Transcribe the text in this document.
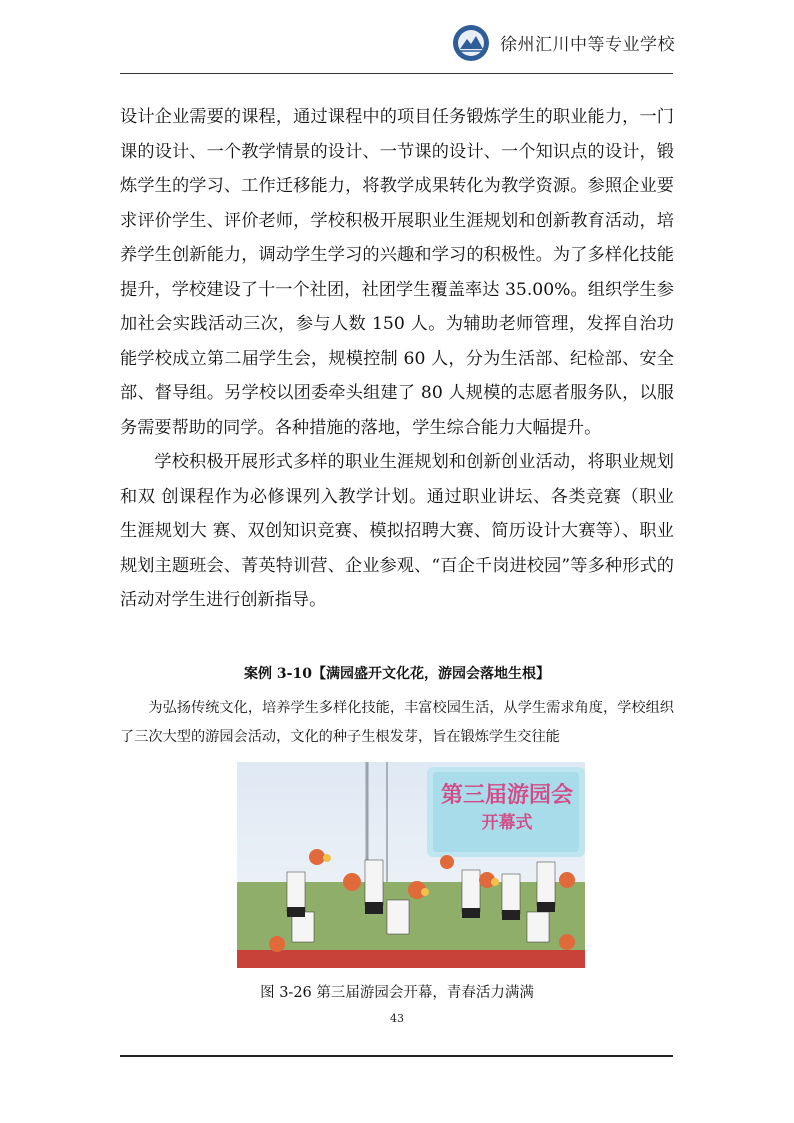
徐州汇川中等专业学校

设计企业需要的课程，通过课程中的项目任务锻炼学生的职业能力，一门课的设计、一个教学情景的设计、一节课的设计、一个知识点的设计，锻炼学生的学习、工作迁移能力，将教学成果转化为教学资源。参照企业要求评价学生、评价老师，学校积极开展职业生涯规划和创新教育活动，培养学生创新能力，调动学生学习的兴趣和学习的积极性。为了多样化技能提升，学校建设了十一个社团，社团学生覆盖率达 35.00%。组织学生参加社会实践活动三次，参与人数 150 人。为辅助老师管理，发挥自治功能学校成立第二届学生会，规模控制 60 人，分为生活部、纪检部、安全部、督导组。另学校以团委牵头组建了 80 人规模的志愿者服务队，以服务需要帮助的同学。各种措施的落地，学生综合能力大幅提升。

学校积极开展形式多样的职业生涯规划和创新创业活动，将职业规划和双 创课程作为必修课列入教学计划。通过职业讲坛、各类竞赛（职业生涯规划大 赛、双创知识竞赛、模拟招聘大赛、简历设计大赛等）、职业规划主题班会、菁英特训营、企业参观、“百企千岗进校园”等多种形式的活动对学生进行创新指导。

案例 3-10【满园盛开文化花，游园会落地生根】

为弘扬传统文化，培养学生多样化技能，丰富校园生活，从学生需求角度，学校组织了三次大型的游园会活动，文化的种子生根发芽，旨在锻炼学生交往能

第三届游园会
开幕式
图 3-26 第三届游园会开幕，青春活力满满
43
